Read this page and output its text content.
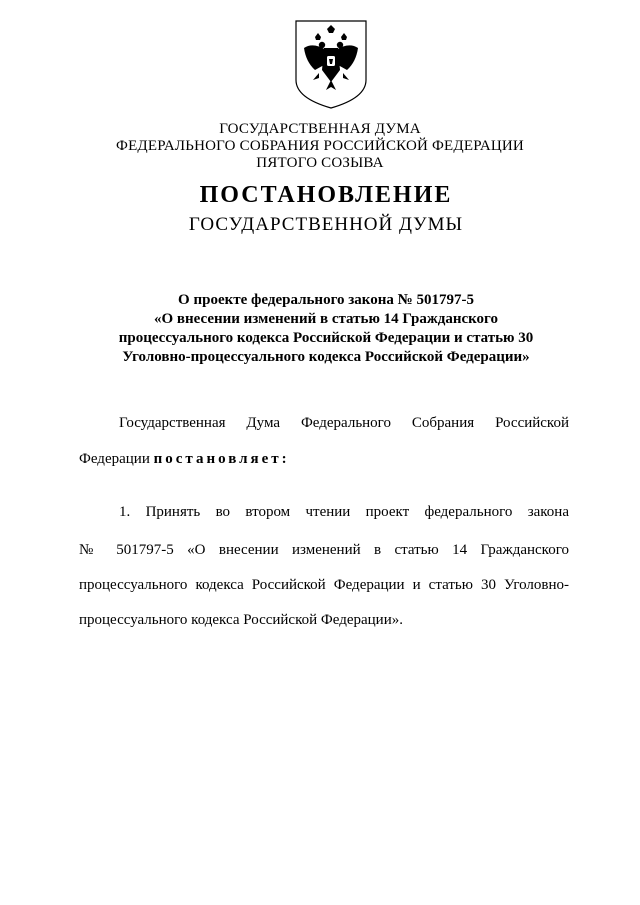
ГОСУДАРСТВЕННАЯ ДУМА
ФЕДЕРАЛЬНОГО СОБРАНИЯ РОССИЙСКОЙ ФЕДЕРАЦИИ
ПЯТОГО СОЗЫВА
ПОСТАНОВЛЕНИЕ
ГОСУДАРСТВЕННОЙ ДУМЫ
О проекте федерального закона № 501797-5
«О внесении изменений в статью 14 Гражданского
процессуального кодекса Российской Федерации и статью 30
Уголовно-процессуального кодекса Российской Федерации»
Государственная Дума Федерального Собрания Российской
Федерации постановляет:
1. Принять во втором чтении проект федерального закона
№ 501797-5 «О внесении изменений в статью 14 Гражданского
процессуального кодекса Российской Федерации и статью 30 Уголовно-
процессуального кодекса Российской Федерации».
